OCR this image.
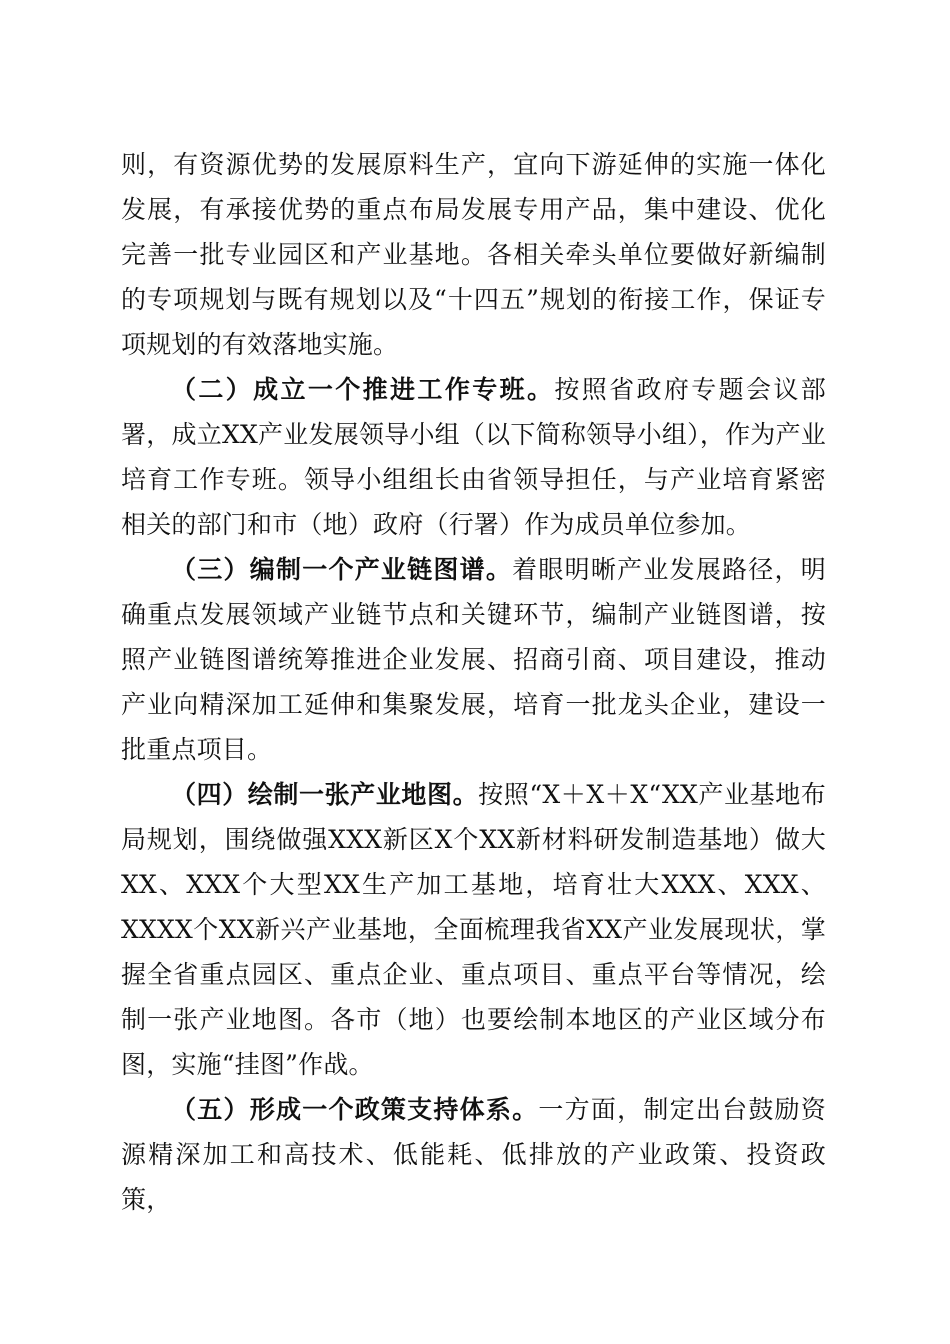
则，有资源优势的发展原料生产，宜向下游延伸的实施一体化发展，有承接优势的重点布局发展专用产品，集中建设、优化完善一批专业园区和产业基地。各相关牵头单位要做好新编制的专项规划与既有规划以及“十四五”规划的衔接工作，保证专项规划的有效落地实施。

（二）成立一个推进工作专班。按照省政府专题会议部署，成立XX产业发展领导小组（以下简称领导小组），作为产业培育工作专班。领导小组组长由省领导担任，与产业培育紧密相关的部门和市（地）政府（行署）作为成员单位参加。

（三）编制一个产业链图谱。着眼明晰产业发展路径，明确重点发展领域产业链节点和关键环节，编制产业链图谱，按照产业链图谱统筹推进企业发展、招商引商、项目建设，推动产业向精深加工延伸和集聚发展，培育一批龙头企业，建设一批重点项目。

（四）绘制一张产业地图。按照“X＋X＋X“XX产业基地布局规划，围绕做强XXX新区X个XX新材料研发制造基地）做大XX、XXX个大型XX生产加工基地，培育壮大XXX、XXX、XXXX个XX新兴产业基地，全面梳理我省XX产业发展现状，掌握全省重点园区、重点企业、重点项目、重点平台等情况，绘制一张产业地图。各市（地）也要绘制本地区的产业区域分布图，实施“挂图”作战。

（五）形成一个政策支持体系。一方面，制定出台鼓励资源精深加工和高技术、低能耗、低排放的产业政策、投资政策，
